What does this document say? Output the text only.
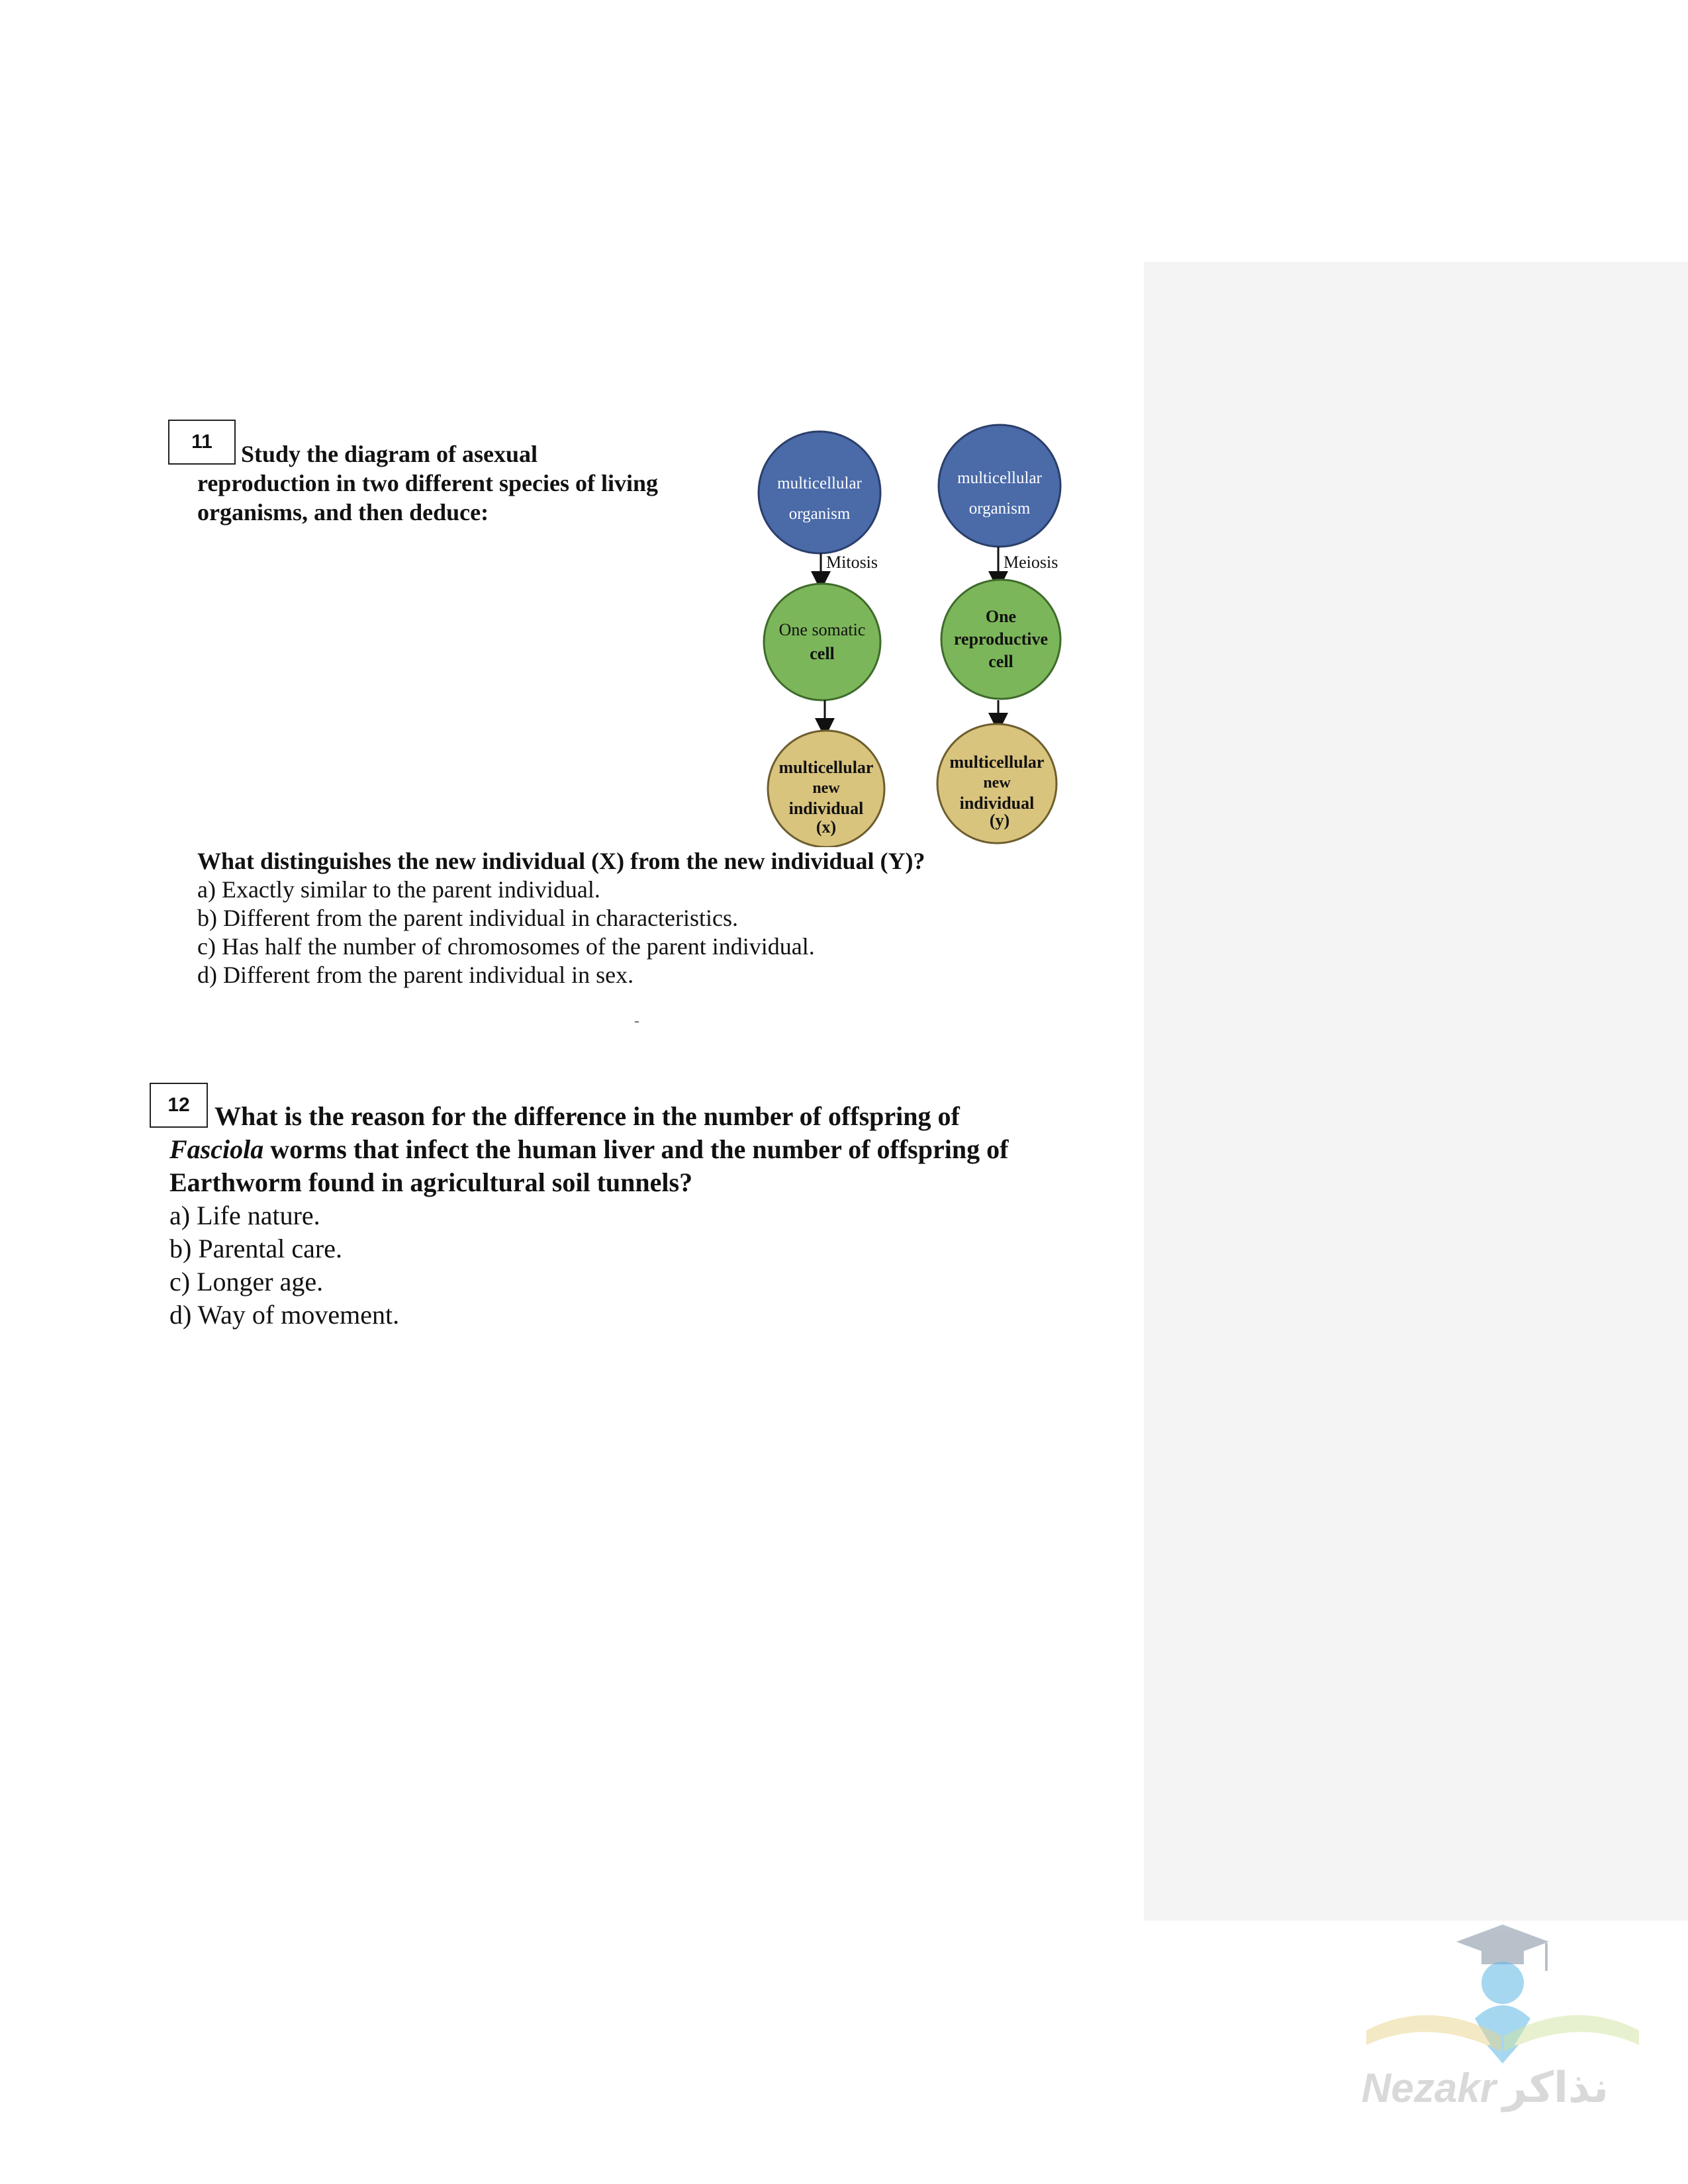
11	Study the diagram of asexual
reproduction in two different species of living
organisms, and then deduce:
multicellular
organism
Mitosis
One somatic
cell
multicellular
new
individual
(x)
multicellular
organism
Meiosis
One
reproductive
cell
multicellular
new
individual
(y)
What distinguishes the new individual (X) from the new individual (Y)?
a) Exactly similar to the parent individual.
b) Different from the parent individual in characteristics.
c) Has half the number of chromosomes of the parent individual.
d) Different from the parent individual in sex.
-
12 What is the reason for the difference in the number of offspring of
Fasciola worms that infect the human liver and the number of offspring of
Earthworm found in agricultural soil tunnels?
a) Life nature.
b) Parental care.
c) Longer age.
d) Way of movement.
Nezakr نذاكر
